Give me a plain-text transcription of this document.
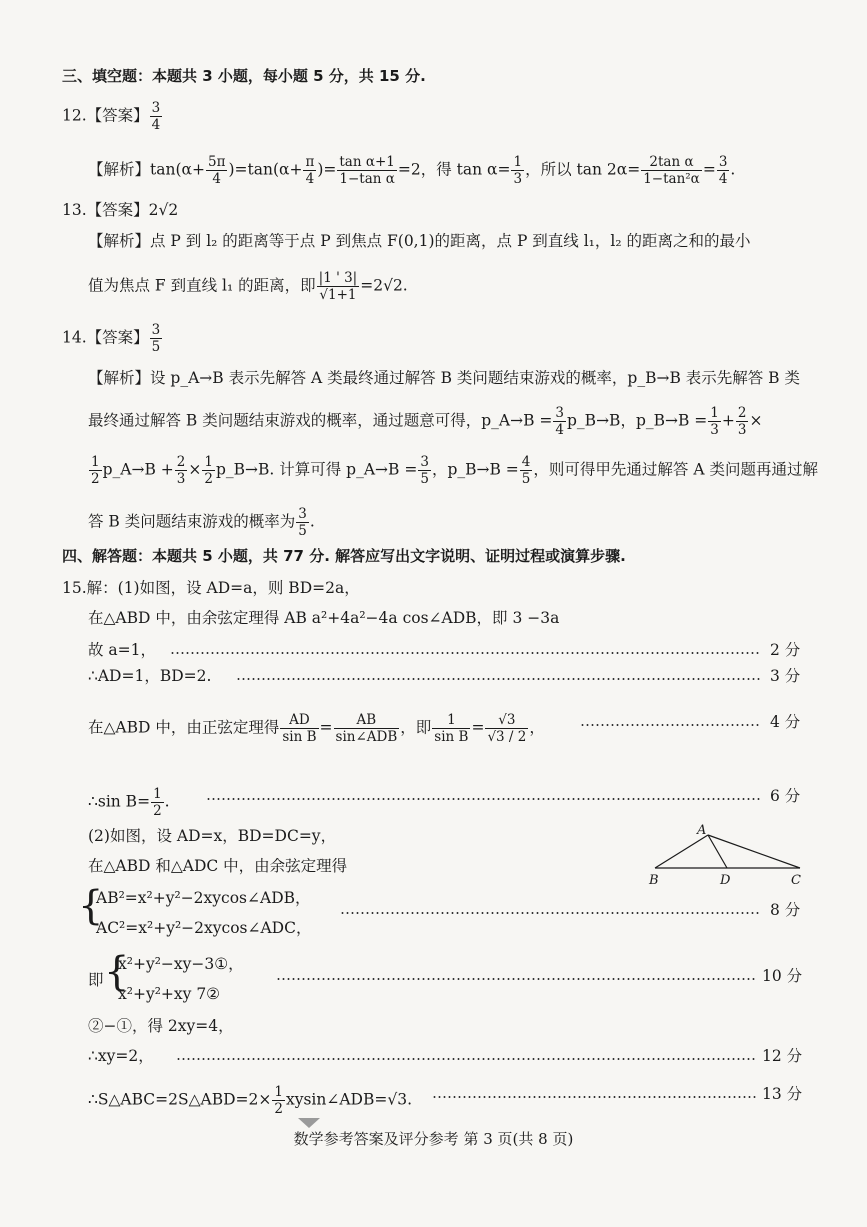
三、填空题：本题共 3 小题，每小题 5 分，共 15 分.
12.【答案】 $\frac{3}{4}$
【解析】$\tan(\alpha+ \frac{5\pi}{4} )=\tan(\alpha+ \frac{\pi}{4}$ )= $\frac{\text{tan α+1}}{\text{1−tan α}} =2$，得 $\tan \alpha= \frac{1}{3}$ ，所以 $\tan 2\alpha= \frac{\text{2tan α}}{\text{1−tan²α}} = \frac{3}{4}$ .
13.【答案】2√2
【解析】点 P 到 l₂ 的距离等于点 P 到焦点 F(0,1)的距离，点 P 到直线 l₁，l₂ 的距离之和的最小
值为焦点 F 到直线 l₁ 的距离，即 $\frac{|1 ' 3|}{√1+1} =2√2$.
14.【答案】 $\frac{3}{5}$
【解析】设 p_A→B 表示先解答 A 类最终通过解答 B 类问题结束游戏的概率，p_B→B 表示先解答 B 类
最终通过解答 B 类问题结束游戏的概率，通过题意可得，p_A→B = $\frac{3}{4}$ p_B→B，p_B→B = $\frac{1}{3} + \frac{2}{3}$ ×
$\frac{1}{2}$ p_A→B + $\frac{2}{3} \times \frac{1}{2}$ p_B→B. 计算可得 p_A→B = $\frac{3}{5}$ ，p_B→B = $\frac{4}{5}$ ，则可得甲先通过解答 A 类问题再通过解
答 B 类问题结束游戏的概率为 $\frac{3}{5}$ .
四、解答题：本题共 5 小题，共 77 分. 解答应写出文字说明、证明过程或演算步骤.
15.解：(1)如图，设 AD=a，则 BD=2a，
在△ABD 中，由余弦定理得 AB a²+4a²−4a cos∠ADB，即 3 −3a
故 a=1，	2 分
∴AD=1，BD=2.	3 分
在△ABD 中，由正弦定理得 $\frac{AD}{\text{sin B}} = \frac{AB}{\text{sin∠ADB}}$ ，即 $\frac{1}{\text{sin B}} = \frac{√3}{√3 / 2}$ ，	4 分
∴sin $B= \frac{1}{2}$ .	6 分
(2)如图，设 AD=x，BD=DC=y，
在△ABD 和△ADC 中，由余弦定理得
A
B	D	C
{
AB²=x²+y²−2xycos∠ADB，
AC²=x²+y²−2xycos∠ADC，
8 分
即 {
x²+y²−xy−3①，
x²+y²+xy 7②
10 分
②−①，得 2xy=4，
∴xy=2，	12 分
∴S△ABC=2S△ABD=2× $\frac{1}{2}$ xysin∠ADB=√3.	13 分
数学参考答案及评分参考 第 3 页(共 8 页)
